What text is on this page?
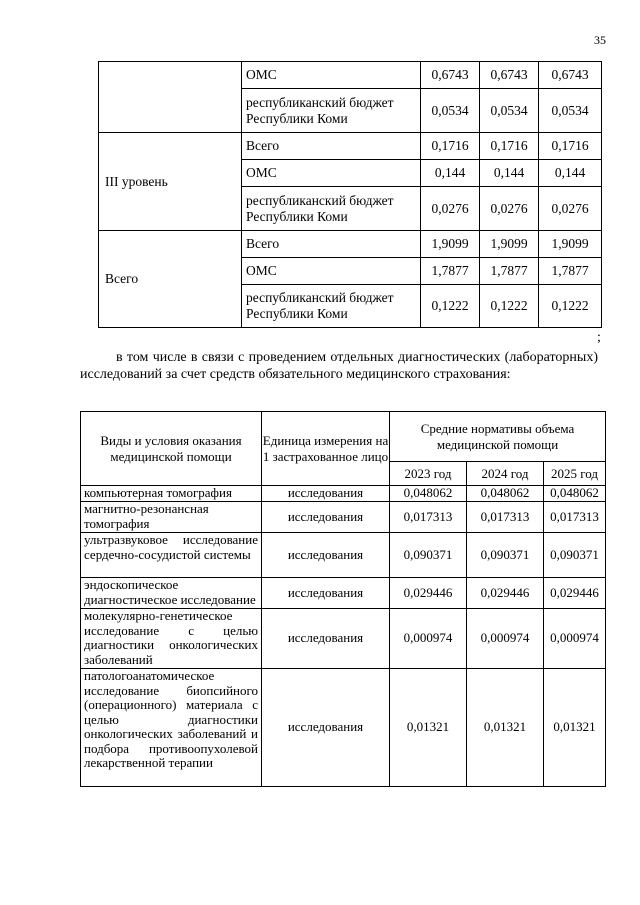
35
	ОМС	0,6743	0,6743	0,6743
	республиканский бюджет Республики Коми	0,0534	0,0534	0,0534
III уровень	Всего	0,1716	0,1716	0,1716
	ОМС	0,144	0,144	0,144
	республиканский бюджет Республики Коми	0,0276	0,0276	0,0276
Всего	Всего	1,9099	1,9099	1,9099
	ОМС	1,7877	1,7877	1,7877
	республиканский бюджет Республики Коми	0,1222	0,1222	0,1222
;

в том числе в связи с проведением отдельных диагностических (лабораторных) исследований за счет средств обязательного медицинского страхования:

Виды и условия оказания медицинской помощи	Единица измерения на 1 застрахованное лицо	Средние нормативы объема медицинской помощи		
		2023 год	2024 год	2025 год
компьютерная томография	исследования	0,048062	0,048062	0,048062
магнитно-резонансная томография	исследования	0,017313	0,017313	0,017313
ультразвуковое исследование сердечно-сосудистой системы	исследования	0,090371	0,090371	0,090371
эндоскопическое диагностическое исследование	исследования	0,029446	0,029446	0,029446
молекулярно-генетическое исследование с целью диагностики онкологических заболеваний	исследования	0,000974	0,000974	0,000974
патологоанатомическое исследование биопсийного (операционного) материала с целью диагностики онкологических заболеваний и подбора противоопухолевой лекарственной терапии	исследования	0,01321	0,01321	0,01321
